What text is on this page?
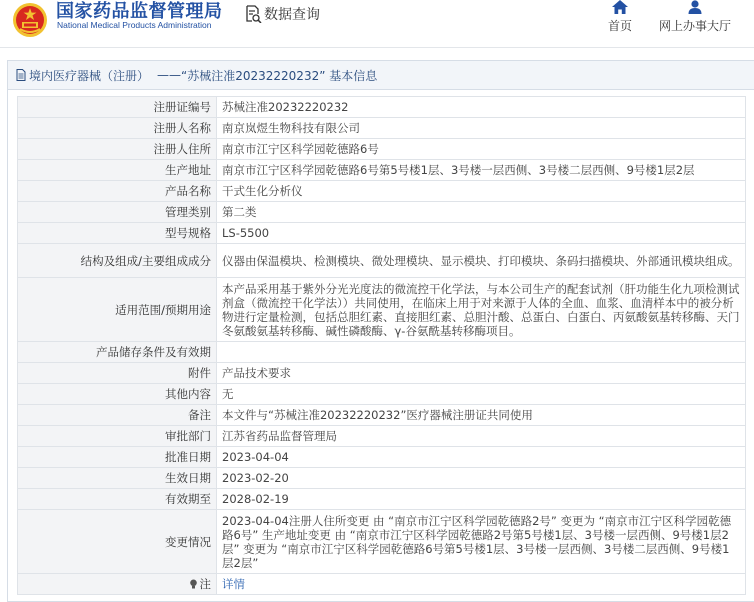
国家药品监督管理局
National Medical Products Administration
数据查询
首页 网上办事大厅
境内医疗器械（注册） —— “苏械注准20232220232” 基本信息
注册证编号	苏械注准20232220232
注册人名称	南京岚煜生物科技有限公司
注册人住所	南京市江宁区科学园乾德路6号
生产地址	南京市江宁区科学园乾德路6号第5号楼1层、3号楼一层西侧、3号楼二层西侧、9号楼1层2层
产品名称	干式生化分析仪
管理类别	第二类
型号规格	LS-5500
结构及组成/主要组成成分	仪器由保温模块、检测模块、微处理模块、显示模块、打印模块、条码扫描模块、外部通讯模块组成。
适用范围/预期用途	本产品采用基于紫外分光光度法的微流控干化学法，与本公司生产的配套试剂（肝功能生化九项检测试剂盒（微流控干化学法））共同使用，在临床上用于对来源于人体的全血、血浆、血清样本中的被分析物进行定量检测，包括总胆红素、直接胆红素、总胆汁酸、总蛋白、白蛋白、丙氨酸氨基转移酶、天门冬氨酸氨基转移酶、碱性磷酸酶、γ-谷氨酰基转移酶项目。
产品储存条件及有效期	
附件	产品技术要求
其他内容	无
备注	本文件与“苏械注准20232220232”医疗器械注册证共同使用
审批部门	江苏省药品监督管理局
批准日期	2023-04-04
生效日期	2023-02-20
有效期至	2028-02-19
变更情况	2023-04-04注册人住所变更 由 “南京市江宁区科学园乾德路2号” 变更为 “南京市江宁区科学园乾德路6号” 生产地址变更 由 “南京市江宁区科学园乾德路2号第5号楼1层、3号楼一层西侧、9号楼1层2层” 变更为 “南京市江宁区科学园乾德路6号第5号楼1层、3号楼一层西侧、3号楼二层西侧、9号楼1层2层”
注	详情
